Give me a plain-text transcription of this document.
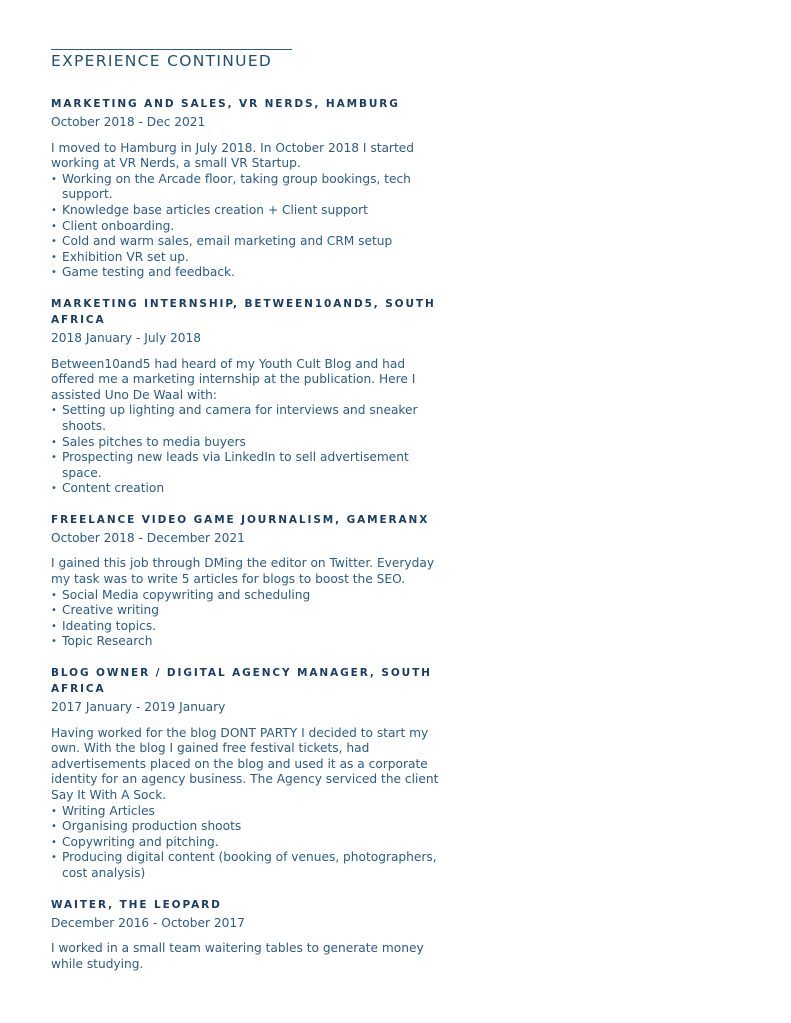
EXPERIENCE CONTINUED
MARKETING AND SALES, VR NERDS, HAMBURG

October 2018 - Dec 2021

I moved to Hamburg in July 2018. In October 2018 I started working at VR Nerds, a small VR Startup.

• Working on the Arcade floor, taking group bookings, tech support.
• Knowledge base articles creation + Client support
• Client onboarding.
• Cold and warm sales, email marketing and CRM setup
• Exhibition VR set up.
• Game testing and feedback.
MARKETING INTERNSHIP, BETWEEN10AND5, SOUTH AFRICA

2018 January - July 2018

Between10and5 had heard of my Youth Cult Blog and had offered me a marketing internship at the publication. Here I assisted Uno De Waal with:

• Setting up lighting and camera for interviews and sneaker shoots.
• Sales pitches to media buyers
• Prospecting new leads via LinkedIn to sell advertisement space.
• Content creation
FREELANCE VIDEO GAME JOURNALISM, GAMERANX

October 2018 - December 2021

I gained this job through DMing the editor on Twitter. Everyday my task was to write 5 articles for blogs to boost the SEO.

• Social Media copywriting and scheduling
• Creative writing
• Ideating topics.
• Topic Research
BLOG OWNER / DIGITAL AGENCY MANAGER, SOUTH AFRICA

2017 January - 2019 January

Having worked for the blog DONT PARTY I decided to start my own. With the blog I gained free festival tickets, had advertisements placed on the blog and used it as a corporate identity for an agency business. The Agency serviced the client Say It With A Sock.

• Writing Articles
• Organising production shoots
• Copywriting and pitching.
• Producing digital content (booking of venues, photographers, cost analysis)
WAITER, THE LEOPARD

December 2016 - October 2017

I worked in a small team waitering tables to generate money while studying.
